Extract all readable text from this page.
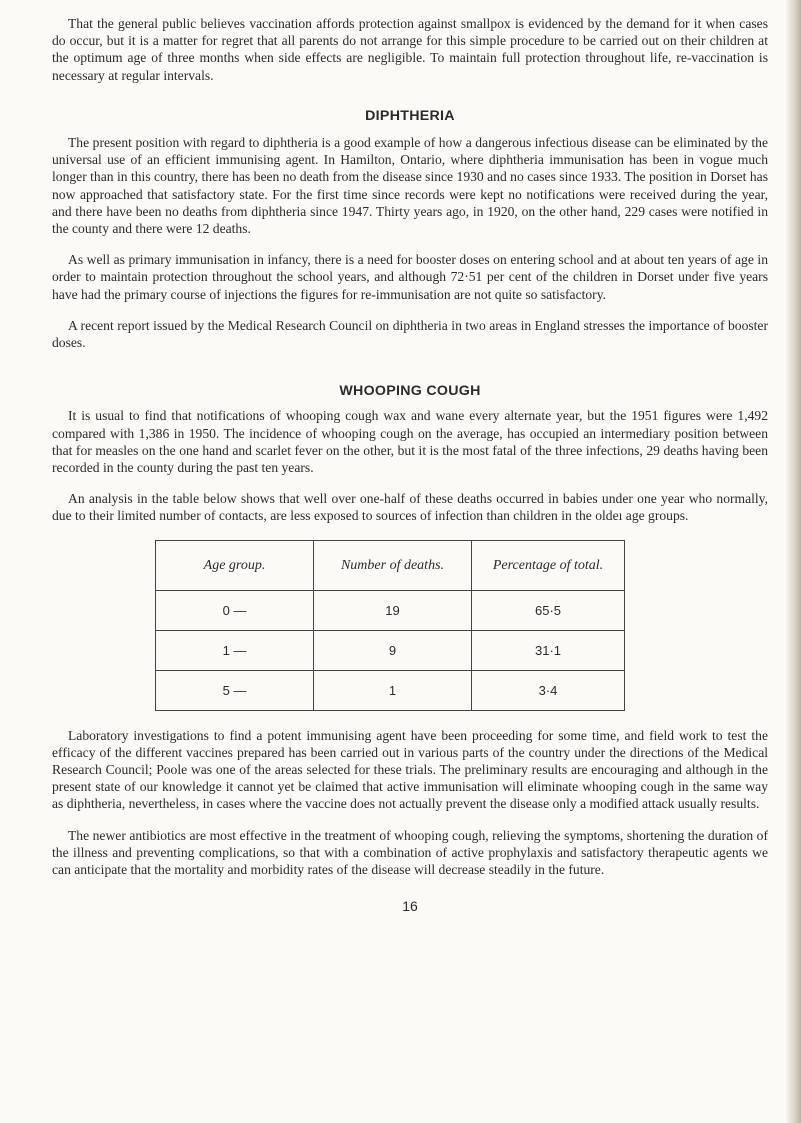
That the general public believes vaccination affords protection against smallpox is evidenced by the demand for it when cases do occur, but it is a matter for regret that all parents do not arrange for this simple procedure to be carried out on their children at the optimum age of three months when side effects are negligible. To maintain full protection throughout life, re-vaccination is necessary at regular intervals.

DIPHTHERIA

The present position with regard to diphtheria is a good example of how a dangerous infectious disease can be eliminated by the universal use of an efficient immunising agent. In Hamilton, Ontario, where diphtheria immunisation has been in vogue much longer than in this country, there has been no death from the disease since 1930 and no cases since 1933. The position in Dorset has now approached that satisfactory state. For the first time since records were kept no notifications were received during the year, and there have been no deaths from diphtheria since 1947. Thirty years ago, in 1920, on the other hand, 229 cases were notified in the county and there were 12 deaths.

As well as primary immunisation in infancy, there is a need for booster doses on entering school and at about ten years of age in order to maintain protection throughout the school years, and although 72·51 per cent of the children in Dorset under five years have had the primary course of injections the figures for re-immunisation are not quite so satisfactory.

A recent report issued by the Medical Research Council on diphtheria in two areas in England stresses the importance of booster doses.

WHOOPING COUGH

It is usual to find that notifications of whooping cough wax and wane every alternate year, but the 1951 figures were 1,492 compared with 1,386 in 1950. The incidence of whooping cough on the average, has occupied an intermediary position between that for measles on the one hand and scarlet fever on the other, but it is the most fatal of the three infections, 29 deaths having been recorded in the county during the past ten years.

An analysis in the table below shows that well over one-half of these deaths occurred in babies under one year who normally, due to their limited number of contacts, are less exposed to sources of infection than children in the oldeı age groups.

Age group.	Number of deaths.	Percentage of total.
0 —	19	65·5
1 —	9	31·1
5 —	1	3·4

Laboratory investigations to find a potent immunising agent have been proceeding for some time, and field work to test the efficacy of the different vaccines prepared has been carried out in various parts of the country under the directions of the Medical Research Council; Poole was one of the areas selected for these trials. The preliminary results are encouraging and although in the present state of our knowledge it cannot yet be claimed that active immunisation will eliminate whooping cough in the same way as diphtheria, nevertheless, in cases where the vaccine does not actually prevent the disease only a modified attack usually results.

The newer antibiotics are most effective in the treatment of whooping cough, relieving the symptoms, shortening the duration of the illness and preventing complications, so that with a combination of active prophylaxis and satisfactory therapeutic agents we can anticipate that the mortality and morbidity rates of the disease will decrease steadily in the future.

16
